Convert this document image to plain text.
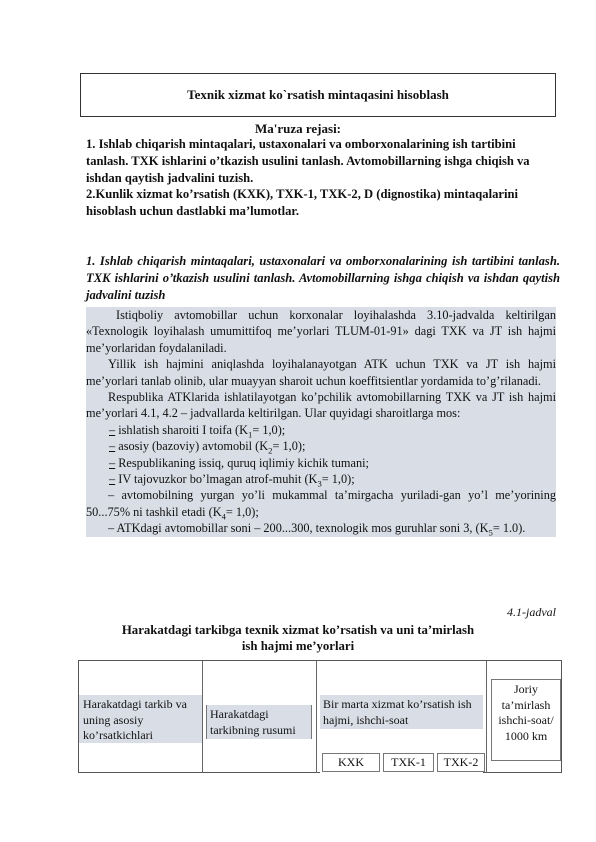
Texnik xizmat ko`rsatish mintaqasini hisoblash
Ma'ruza rejasi:

1. Ishlab chiqarish mintaqalari, ustaxonalari va omborxonalarining ish tartibini tanlash. TXK ishlarini o’tkazish usulini tanlash. Avtomobillarning ishga chiqish va ishdan qaytish jadvalini tuzish.

2.Kunlik xizmat ko’rsatish (KXK), TXK-1, TXK-2, D (dignostika) mintaqalarini hisoblash uchun dastlabki ma’lumotlar.

1. Ishlab chiqarish mintaqalari, ustaxonalari va omborxonalarining ish tartibini tanlash. TXK ishlarini o’tkazish usulini tanlash. Avtomobillarning ishga chiqish va ishdan qaytish jadvalini tuzish

Istiqboliy avtomobillar uchun korxonalar loyihalashda 3.10-jadvalda keltirilgan «Texnologik loyihalash umumittifoq me’yorlari TLUM-01-91» dagi TXK va JT ish hajmi me’yorlaridan foydalaniladi.

Yillik ish hajmini aniqlashda loyihalanayotgan ATK uchun TXK va JT ish hajmi me’yorlari tanlab olinib, ular muayyan sharoit uchun koeffitsientlar yordamida to’g’rilanadi.

Respublika ATKlarida ishlatilayotgan ko’pchilik avtomobillarning TXK va JT ish hajmi me’yorlari 4.1, 4.2 – jadvallarda keltirilgan. Ular quyidagi sharoitlarga mos:

– ishlatish sharoiti I toifa $(K_1= 1,0)$;

– asosiy (bazoviy) avtomobil $(K_2= 1,0)$;

– Respublikaning issiq, quruq iqlimiy kichik tumani;

– IV tajovuzkor bo’lmagan atrof-muhit $(K_3= 1,0)$;

– avtomobilning yurgan yo’li mukammal ta’mirgacha yuriladi-gan yo’l me’yorining 50...75% ni tashkil etadi $(K_4= 1,0)$;

– ATKdagi avtomobillar soni – 200...300, texnologik mos guruhlar soni 3, $(K_5= 1.0)$.

4.1-jadval
Harakatdagi tarkibga texnik xizmat ko’rsatish va uni ta’mirlash
ish hajmi me’yorlari
Harakatdagi tarkib va uning asosiy ko’rsatkichlari
Harakatdagi tarkibning rusumi
Bir marta xizmat ko’rsatish ish hajmi, ishchi-soat
Joriy ta’mirlash ishchi-soat/ 1000 km
KXK	TXK-1	TXK-2
